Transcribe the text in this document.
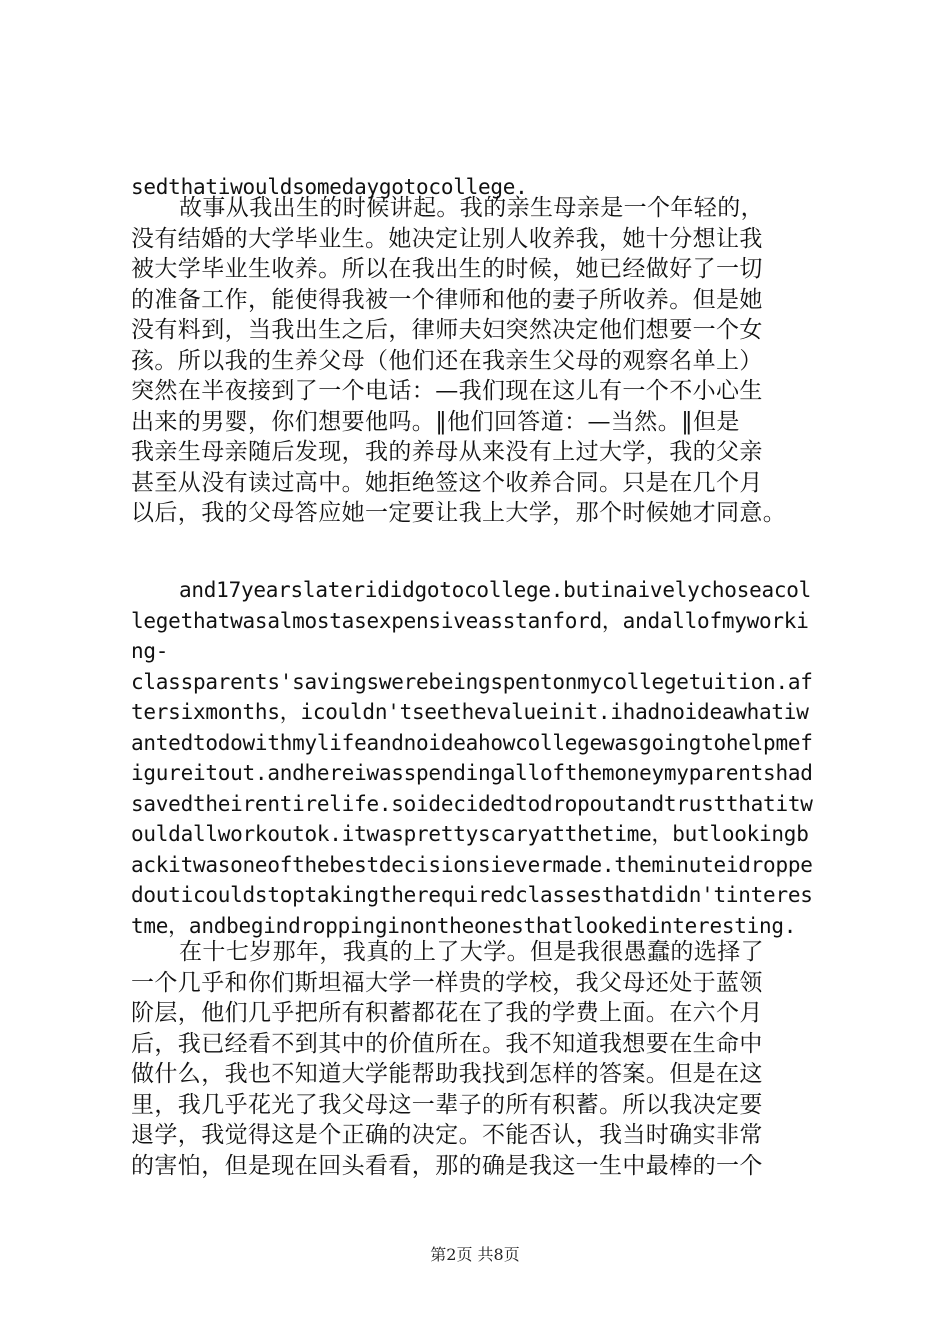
sedthatiwouldsomedaygotocollege.
故事从我出生的时候讲起。我的亲生母亲是一个年轻的，
没有结婚的大学毕业生。她决定让别人收养我，她十分想让我
被大学毕业生收养。所以在我出生的时候，她已经做好了一切
的准备工作，能使得我被一个律师和他的妻子所收养。但是她
没有料到，当我出生之后，律师夫妇突然决定他们想要一个女
孩。所以我的生养父母（他们还在我亲生父母的观察名单上）
突然在半夜接到了一个电话：—我们现在这儿有一个不小心生
出来的男婴，你们想要他吗。‖他们回答道：—当然。‖但是
我亲生母亲随后发现，我的养母从来没有上过大学，我的父亲
甚至从没有读过高中。她拒绝签这个收养合同。只是在几个月
以后，我的父母答应她一定要让我上大学，那个时候她才同意。
and17yearslaterididgotocollege.butinaivelychoseacol
legethatwasalmostasexpensiveasstanford，andallofmyworki
ng-
classparents'savingswerebeingspentonmycollegetuition.af
tersixmonths，icouldn'tseethevalueinit.ihadnoideawhatiw
antedtodowithmylifeandnoideahowcollegewasgoingtohelpmef
igureitout.andhereiwasspendingallofthemoneymyparentshad
savedtheirentirelife.soidecidedtodropoutandtrustthatitw
ouldallworkoutok.itwasprettyscaryatthetime，butlookingb
ackitwasoneofthebestdecisionsievermade.theminuteidroppe
douticouldstoptakingtherequiredclassesthatdidn'tinteres
tme，andbegindroppinginontheonesthatlookedinteresting.
在十七岁那年，我真的上了大学。但是我很愚蠢的选择了
一个几乎和你们斯坦福大学一样贵的学校，我父母还处于蓝领
阶层，他们几乎把所有积蓄都花在了我的学费上面。在六个月
后，我已经看不到其中的价值所在。我不知道我想要在生命中
做什么，我也不知道大学能帮助我找到怎样的答案。但是在这
里，我几乎花光了我父母这一辈子的所有积蓄。所以我决定要
退学，我觉得这是个正确的决定。不能否认，我当时确实非常
的害怕，但是现在回头看看，那的确是我这一生中最棒的一个
第2页 共8页
